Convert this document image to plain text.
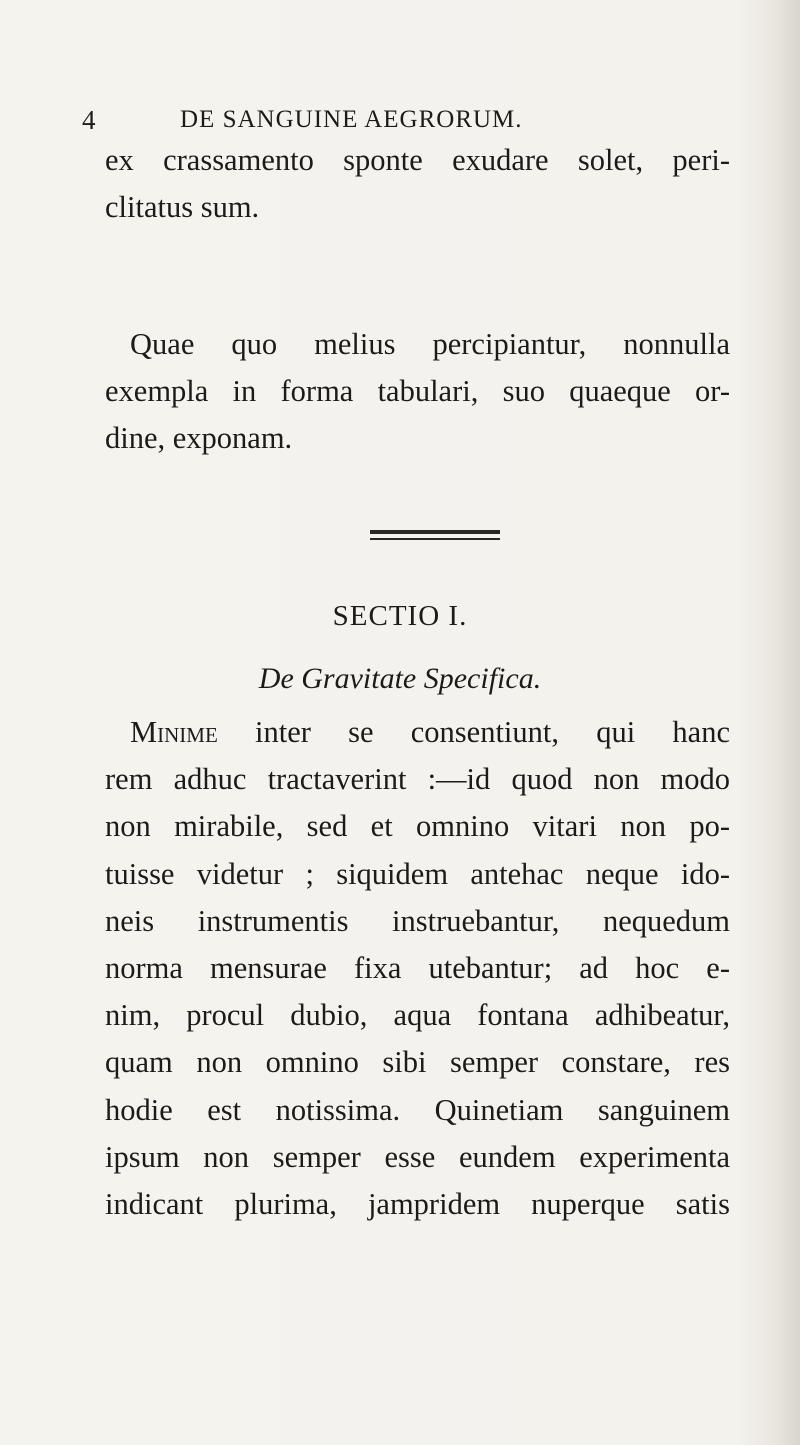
4	DE SANGUINE AEGRORUM.
ex crassamento sponte exudare solet, peri-
clitatus sum.
Quae quo melius percipiantur, nonnulla
exempla in forma tabulari, suo quaeque or-
dine, exponam.
SECTIO I.
De Gravitate Specifica.
Minime inter se consentiunt, qui hanc
rem adhuc tractaverint :—id quod non modo
non mirabile, sed et omnino vitari non po-
tuisse videtur ; siquidem antehac neque ido-
neis instrumentis instruebantur, nequedum
norma mensurae fixa utebantur; ad hoc e-
nim, procul dubio, aqua fontana adhibeatur,
quam non omnino sibi semper constare, res
hodie est notissima. Quinetiam sanguinem
ipsum non semper esse eundem experimenta
indicant plurima, jampridem nuperque satis
